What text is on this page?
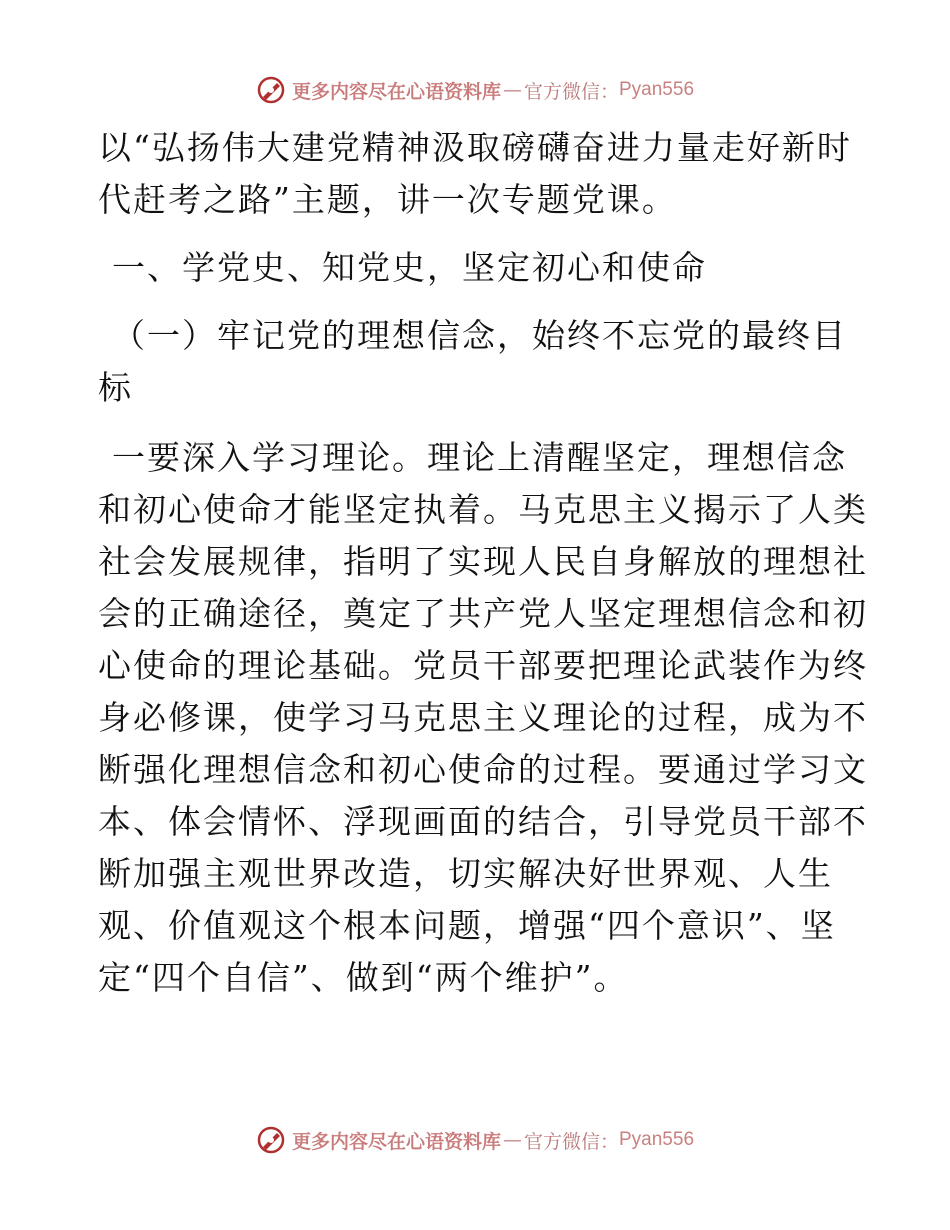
更多内容尽在心语资料库 — 官方微信： Pyan556

以“弘扬伟大建党精神汲取磅礴奋进力量走好新时

代赶考之路”主题，讲一次专题党课。

一、学党史、知党史，坚定初心和使命

（一）牢记党的理想信念，始终不忘党的最终目

标

一要深入学习理论。理论上清醒坚定，理想信念

和初心使命才能坚定执着。马克思主义揭示了人类

社会发展规律，指明了实现人民自身解放的理想社

会的正确途径，奠定了共产党人坚定理想信念和初

心使命的理论基础。党员干部要把理论武装作为终

身必修课，使学习马克思主义理论的过程，成为不

断强化理想信念和初心使命的过程。要通过学习文

本、体会情怀、浮现画面的结合，引导党员干部不

断加强主观世界改造，切实解决好世界观、人生

观、价值观这个根本问题，增强“四个意识”、坚

定“四个自信”、做到“两个维护”。

更多内容尽在心语资料库 — 官方微信： Pyan556
